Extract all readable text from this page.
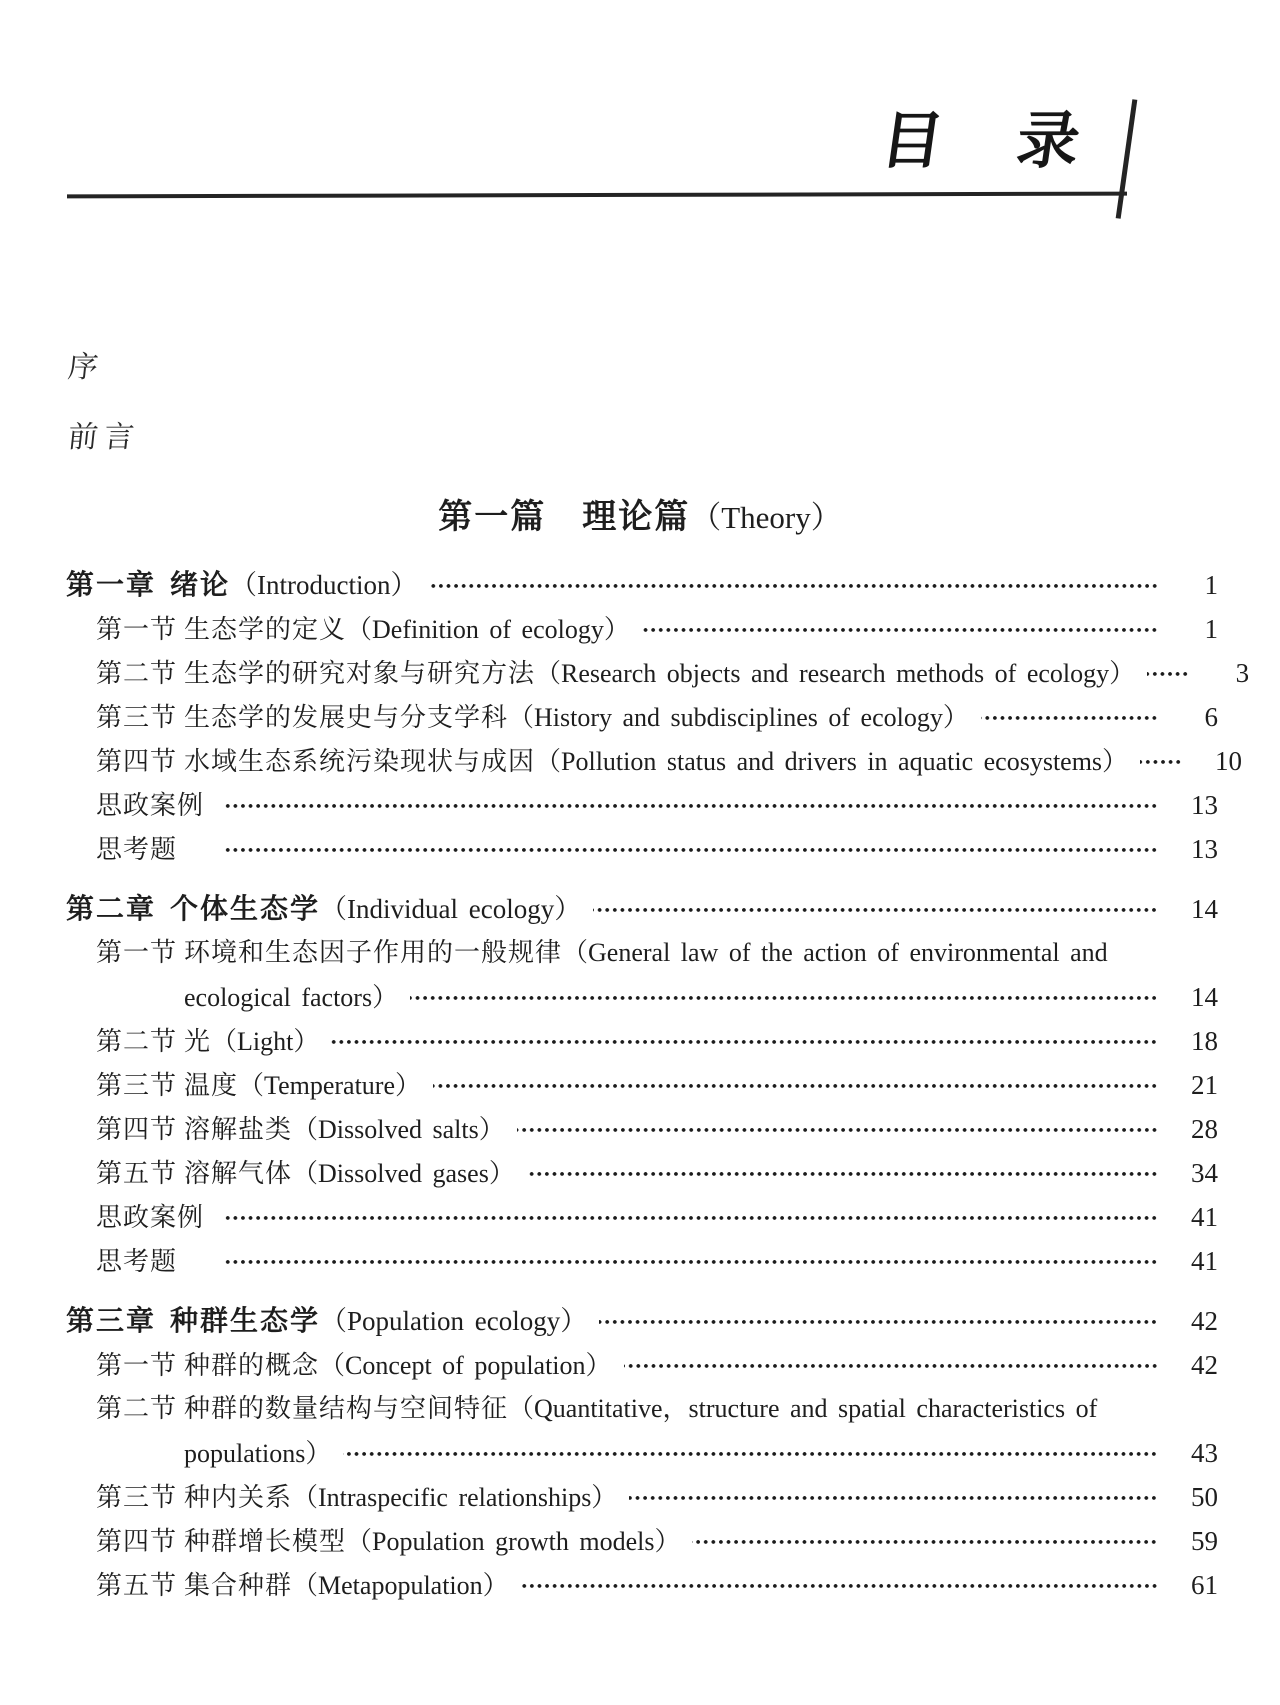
目　录
序
前言
第一篇　理论篇（Theory）
第一章 绪论 （Introduction）	1
第一节 生态学的定义 （Definition of ecology）	1
第二节 生态学的研究对象与研究方法 （Research objects and research methods of ecology）	3
第三节 生态学的发展史与分支学科 （History and subdisciplines of ecology）	6
第四节 水域生态系统污染现状与成因 （Pollution status and drivers in aquatic ecosystems）	10
思政案例	13
思考题	13
第二章 个体生态学 （Individual ecology）	14
第一节 环境和生态因子作用的一般规律 （General law of the action of environmental and
ecological factors）	14
第二节 光 （Light）	18
第三节 温度 （Temperature）	21
第四节 溶解盐类 （Dissolved salts）	28
第五节 溶解气体 （Dissolved gases）	34
思政案例	41
思考题	41
第三章 种群生态学 （Population ecology）	42
第一节 种群的概念 （Concept of population）	42
第二节 种群的数量结构与空间特征 （Quantitative，structure and spatial characteristics of
populations）	43
第三节 种内关系 （Intraspecific relationships）	50
第四节 种群增长模型 （Population growth models）	59
第五节 集合种群 （Metapopulation）	61
